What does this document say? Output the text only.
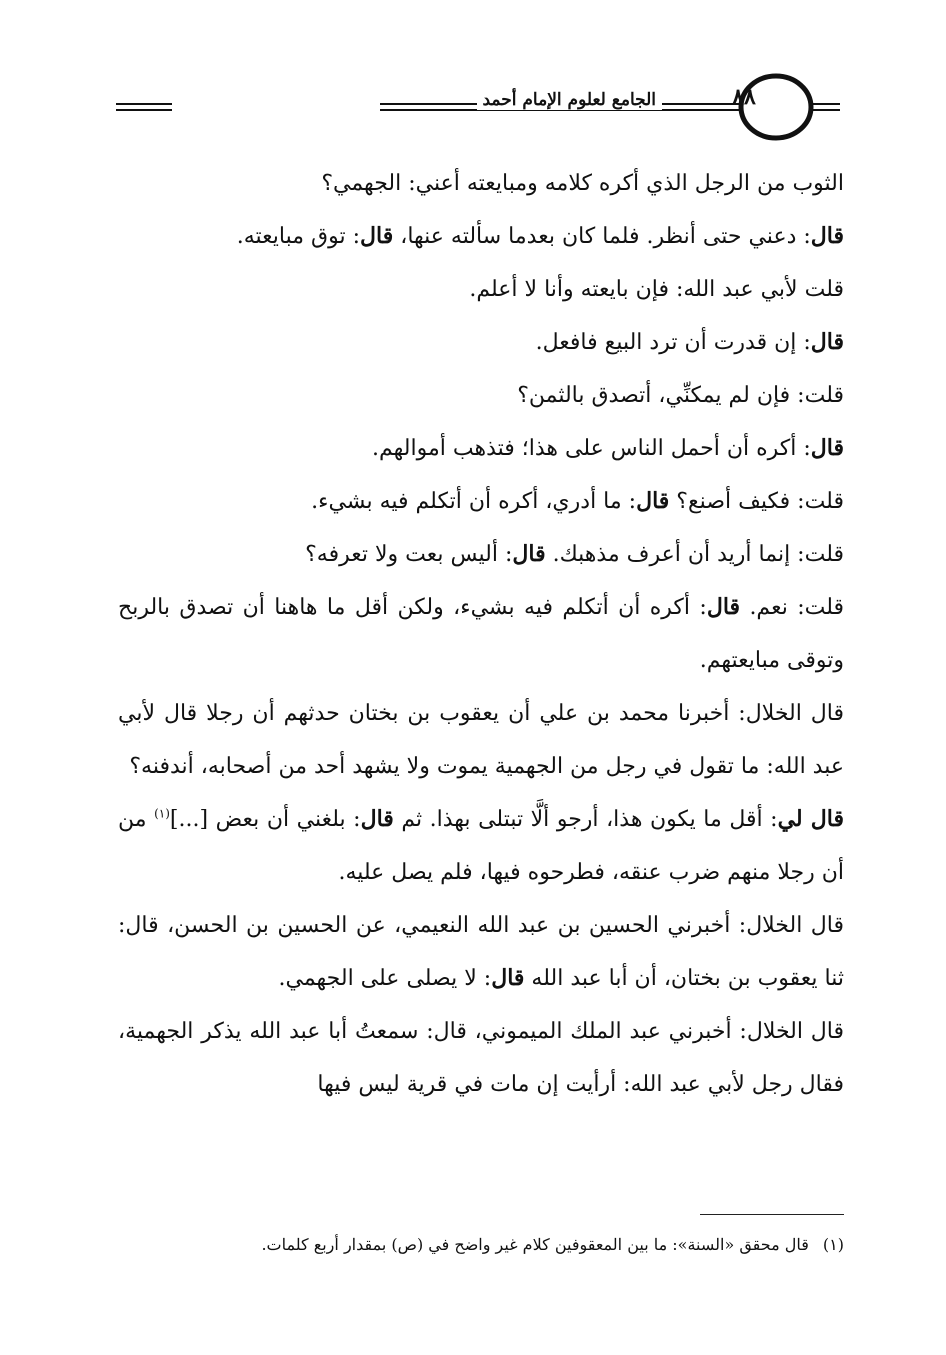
الجامع لعلوم الإمام أحمد	٨٨

الثوب من الرجل الذي أكره كلامه ومبايعته أعني: الجهمي؟

قال: دعني حتى أنظر. فلما كان بعدما سألته عنها، قال: توق مبايعته.

قلت لأبي عبد الله: فإن بايعته وأنا لا أعلم.

قال: إن قدرت أن ترد البيع فافعل.

قلت: فإن لم يمكنِّي، أتصدق بالثمن؟

قال: أكره أن أحمل الناس على هذا؛ فتذهب أموالهم.

قلت: فكيف أصنع؟ قال: ما أدري، أكره أن أتكلم فيه بشيء.

قلت: إنما أريد أن أعرف مذهبك. قال: أليس بعت ولا تعرفه؟

قلت: نعم. قال: أكره أن أتكلم فيه بشيء، ولكن أقل ما هاهنا أن تصدق بالربح وتوقى مبايعتهم.

قال الخلال: أخبرنا محمد بن علي أن يعقوب بن بختان حدثهم أن رجلا قال لأبي عبد الله: ما تقول في رجل من الجهمية يموت ولا يشهد أحد من أصحابه، أندفنه؟

قال لي: أقل ما يكون هذا، أرجو ألَّا تبتلى بهذا. ثم قال: بلغني أن بعض [...]$^{(١)}$ من أن رجلا منهم ضرب عنقه، فطرحوه فيها، فلم يصل عليه.

قال الخلال: أخبرني الحسين بن عبد الله النعيمي، عن الحسين بن الحسن، قال: ثنا يعقوب بن بختان، أن أبا عبد الله قال: لا يصلى على الجهمي.

قال الخلال: أخبرني عبد الملك الميموني، قال: سمعتُ أبا عبد الله يذكر الجهمية، فقال رجل لأبي عبد الله: أرأيت إن مات في قرية ليس فيها

(١)قال محقق «السنة»: ما بين المعقوفين كلام غير واضح في (ص) بمقدار أربع كلمات.
